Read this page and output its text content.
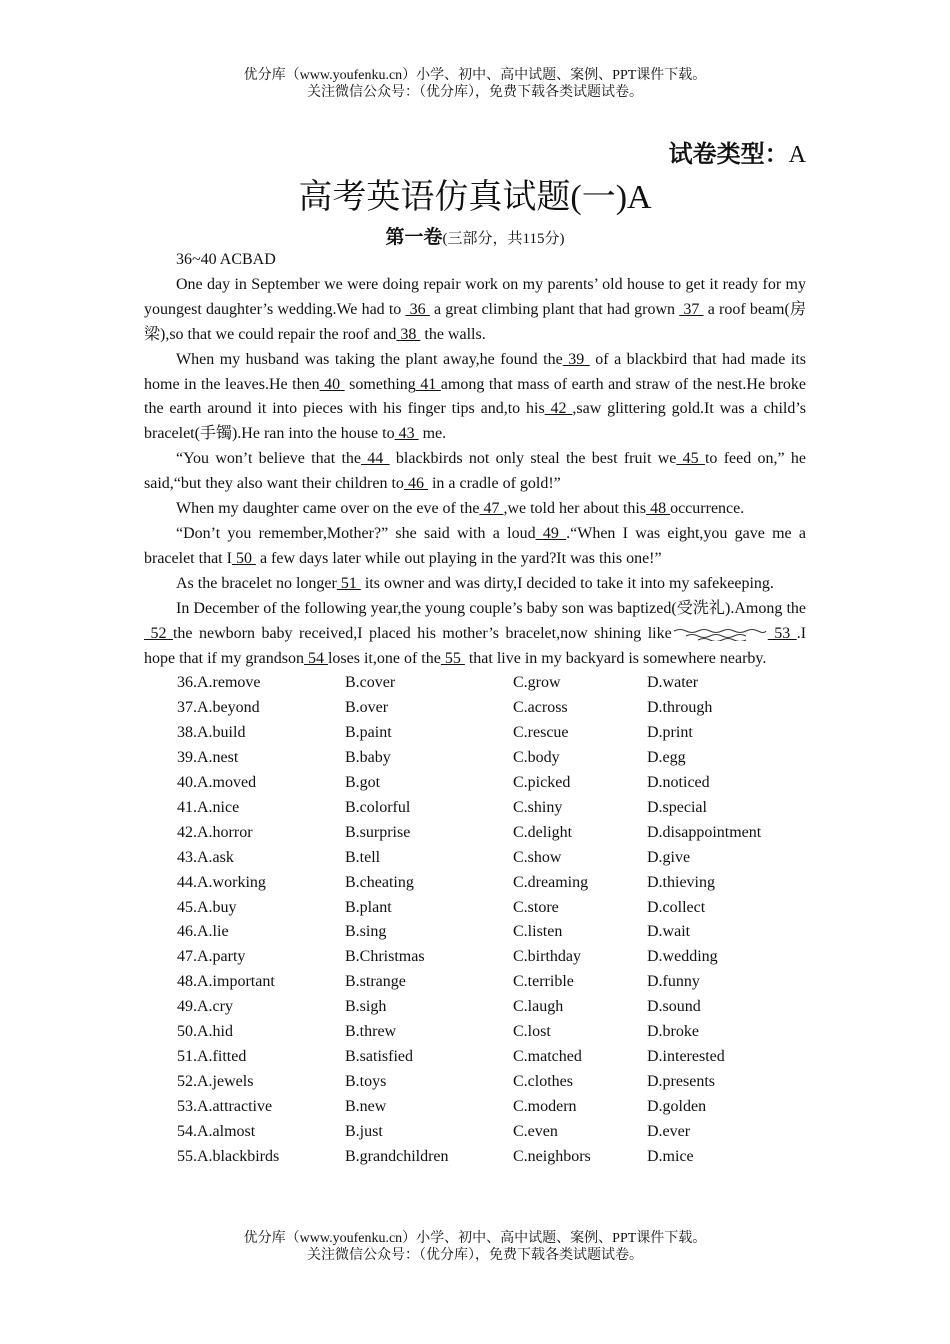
优分库（www.youfenku.cn）小学、初中、高中试题、案例、PPT课件下载。
关注微信公众号：（优分库），免费下载各类试题试卷。
试卷类型：A
高考英语仿真试题(一)A
第一卷(三部分，共115分)

36~40 ACBAD

One day in September we were doing repair work on my parents’ old house to get it ready for my youngest daughter’s wedding.We had to  36  a great climbing plant that had grown  37  a roof beam(房梁),so that we could repair the roof and 38  the walls.

When my husband was taking the plant away,he found the 39  of a blackbird that had made its home in the leaves.He then 40  something 41 among that mass of earth and straw of the nest.He broke the earth around it into pieces with his finger tips and,to his 42 ,saw glittering gold.It was a child’s bracelet(手镯).He ran into the house to 43  me.

“You won’t believe that the 44  blackbirds not only steal the best fruit we 45 to feed on,” he said,“but they also want their children to 46  in a cradle of gold!”

When my daughter came over on the eve of the 47 ,we told her about this 48 occurrence.

“Don’t you remember,Mother?” she said with a loud 49 .“When I was eight,you gave me a bracelet that I 50  a few days later while out playing in the yard?It was this one!”

As the bracelet no longer 51  its owner and was dirty,I decided to take it into my safekeeping.

In December of the following year,the young couple’s baby son was baptized(受洗礼).Among the 52 the newborn baby received,I placed his mother’s bracelet,now shining like	53 .I hope that if my grandson 54 loses it,one of the 55  that live in my backyard is somewhere nearby.

36.A.remove	B.cover	C.grow	D.water
37.A.beyond	B.over	C.across	D.through
38.A.build	B.paint	C.rescue	D.print
39.A.nest	B.baby	C.body	D.egg
40.A.moved	B.got	C.picked	D.noticed
41.A.nice	B.colorful	C.shiny	D.special
42.A.horror	B.surprise	C.delight	D.disappointment
43.A.ask	B.tell	C.show	D.give
44.A.working	B.cheating	C.dreaming	D.thieving
45.A.buy	B.plant	C.store	D.collect
46.A.lie	B.sing	C.listen	D.wait
47.A.party	B.Christmas	C.birthday	D.wedding
48.A.important	B.strange	C.terrible	D.funny
49.A.cry	B.sigh	C.laugh	D.sound
50.A.hid	B.threw	C.lost	D.broke
51.A.fitted	B.satisfied	C.matched	D.interested
52.A.jewels	B.toys	C.clothes	D.presents
53.A.attractive	B.new	C.modern	D.golden
54.A.almost	B.just	C.even	D.ever
55.A.blackbirds	B.grandchildren	C.neighbors	D.mice
优分库（www.youfenku.cn）小学、初中、高中试题、案例、PPT课件下载。
关注微信公众号：（优分库），免费下载各类试题试卷。
